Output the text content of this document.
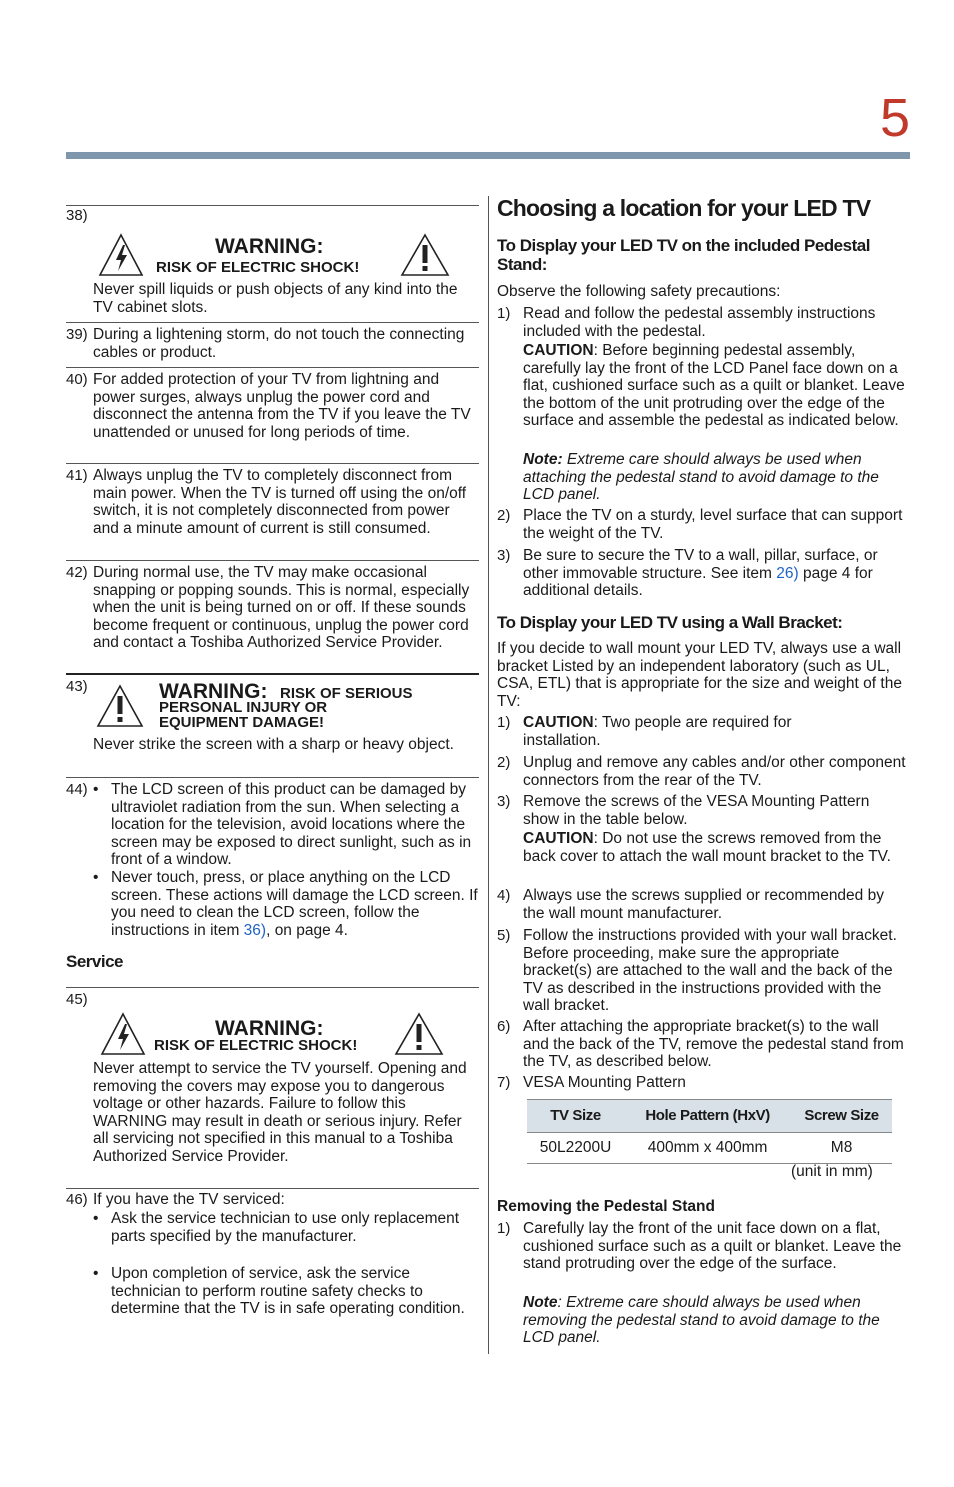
5
38)
WARNING:
RISK OF ELECTRIC SHOCK!
Never spill liquids or push objects of any kind into the TV cabinet slots.
39) During a lightening storm, do not touch the connecting cables or product.
40) For added protection of your TV from lightning and power surges, always unplug the power cord and disconnect the antenna from the TV if you leave the TV unattended or unused for long periods of time.
41) Always unplug the TV to completely disconnect from main power. When the TV is turned off using the on/off switch, it is not completely disconnected from power and a minute amount of current is still consumed.
42) During normal use, the TV may make occasional snapping or popping sounds. This is normal, especially when the unit is being turned on or off. If these sounds become frequent or continuous, unplug the power cord and contact a Toshiba Authorized Service Provider.
43)	WARNING: RISK OF SERIOUS
PERSONAL INJURY OR
EQUIPMENT DAMAGE!
Never strike the screen with a sharp or heavy object.
44) • The LCD screen of this product can be damaged by ultraviolet radiation from the sun. When selecting a location for the television, avoid locations where the screen may be exposed to direct sunlight, such as in front of a window.
• Never touch, press, or place anything on the LCD screen. These actions will damage the LCD screen. If you need to clean the LCD screen, follow the instructions in item 36), on page 4.
Service
45)
WARNING:
RISK OF ELECTRIC SHOCK!
Never attempt to service the TV yourself. Opening and removing the covers may expose you to dangerous voltage or other hazards. Failure to follow this WARNING may result in death or serious injury. Refer all servicing not specified in this manual to a Toshiba Authorized Service Provider.
46) If you have the TV serviced:
• Ask the service technician to use only replacement parts specified by the manufacturer.
• Upon completion of service, ask the service technician to perform routine safety checks to determine that the TV is in safe operating condition.
Choosing a location for your LED TV
To Display your LED TV on the included Pedestal Stand:
Observe the following safety precautions:
1) Read and follow the pedestal assembly instructions included with the pedestal.
CAUTION: Before beginning pedestal assembly, carefully lay the front of the LCD Panel face down on a flat, cushioned surface such as a quilt or blanket. Leave the bottom of the unit protruding over the edge of the surface and assemble the pedestal as indicated below.
Note: Extreme care should always be used when attaching the pedestal stand to avoid damage to the LCD panel.
2) Place the TV on a sturdy, level surface that can support the weight of the TV.
3) Be sure to secure the TV to a wall, pillar, surface, or other immovable structure. See item 26) page 4 for additional details.
To Display your LED TV using a Wall Bracket:
If you decide to wall mount your LED TV, always use a wall bracket Listed by an independent laboratory (such as UL, CSA, ETL) that is appropriate for the size and weight of the TV:
1) CAUTION: Two people are required for installation.
2) Unplug and remove any cables and/or other component connectors from the rear of the TV.
3) Remove the screws of the VESA Mounting Pattern show in the table below.
CAUTION: Do not use the screws removed from the back cover to attach the wall mount bracket to the TV.
4) Always use the screws supplied or recommended by the wall mount manufacturer.
5) Follow the instructions provided with your wall bracket. Before proceeding, make sure the appropriate bracket(s) are attached to the wall and the back of the TV as described in the instructions provided with the wall bracket.
6) After attaching the appropriate bracket(s) to the wall and the back of the TV, remove the pedestal stand from the TV, as described below.
7) VESA Mounting Pattern
TV Size	Hole Pattern (HxV)	Screw Size
50L2200U	400mm x 400mm	M8
(unit in mm)
Removing the Pedestal Stand
1) Carefully lay the front of the unit face down on a flat, cushioned surface such as a quilt or blanket. Leave the stand protruding over the edge of the surface.
Note: Extreme care should always be used when removing the pedestal stand to avoid damage to the LCD panel.
